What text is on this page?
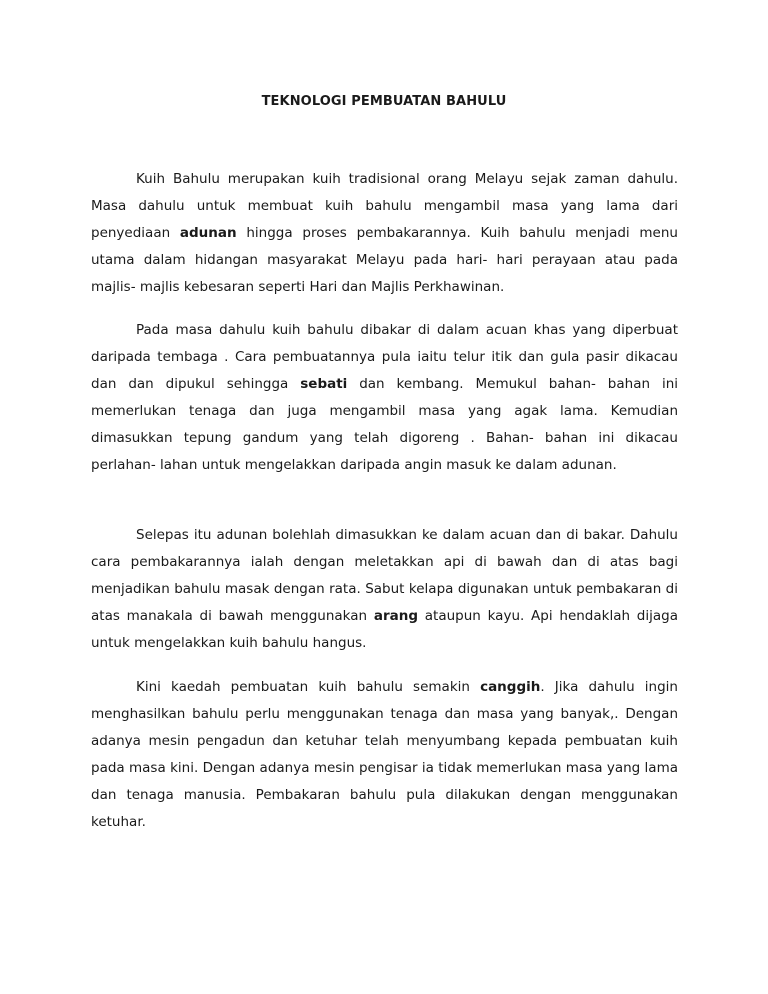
TEKNOLOGI PEMBUATAN BAHULU

Kuih Bahulu merupakan kuih tradisional orang Melayu sejak zaman dahulu. Masa dahulu untuk membuat kuih bahulu mengambil masa yang lama dari penyediaan adunan hingga proses pembakarannya. Kuih bahulu menjadi menu utama dalam hidangan masyarakat Melayu pada hari- hari perayaan atau pada majlis- majlis kebesaran seperti Hari dan Majlis Perkhawinan.

Pada masa dahulu kuih bahulu dibakar di dalam acuan khas yang diperbuat daripada tembaga . Cara pembuatannya pula iaitu telur itik dan gula pasir dikacau dan dan dipukul sehingga sebati dan kembang. Memukul bahan- bahan ini memerlukan tenaga dan juga mengambil masa yang agak lama. Kemudian dimasukkan tepung gandum yang telah digoreng . Bahan- bahan ini dikacau perlahan- lahan untuk mengelakkan daripada angin masuk ke dalam adunan.

Selepas itu adunan bolehlah dimasukkan ke dalam acuan dan di bakar. Dahulu cara pembakarannya ialah dengan meletakkan api di bawah dan di atas bagi menjadikan bahulu masak dengan rata. Sabut kelapa digunakan untuk pembakaran di atas manakala di bawah menggunakan arang ataupun kayu. Api hendaklah dijaga untuk mengelakkan kuih bahulu hangus.

Kini kaedah pembuatan kuih bahulu semakin canggih. Jika dahulu ingin menghasilkan bahulu perlu menggunakan tenaga dan masa yang banyak,. Dengan adanya mesin pengadun dan ketuhar telah menyumbang kepada pembuatan kuih pada masa kini. Dengan adanya mesin pengisar ia tidak memerlukan masa yang lama dan tenaga manusia. Pembakaran bahulu pula dilakukan dengan menggunakan ketuhar.
